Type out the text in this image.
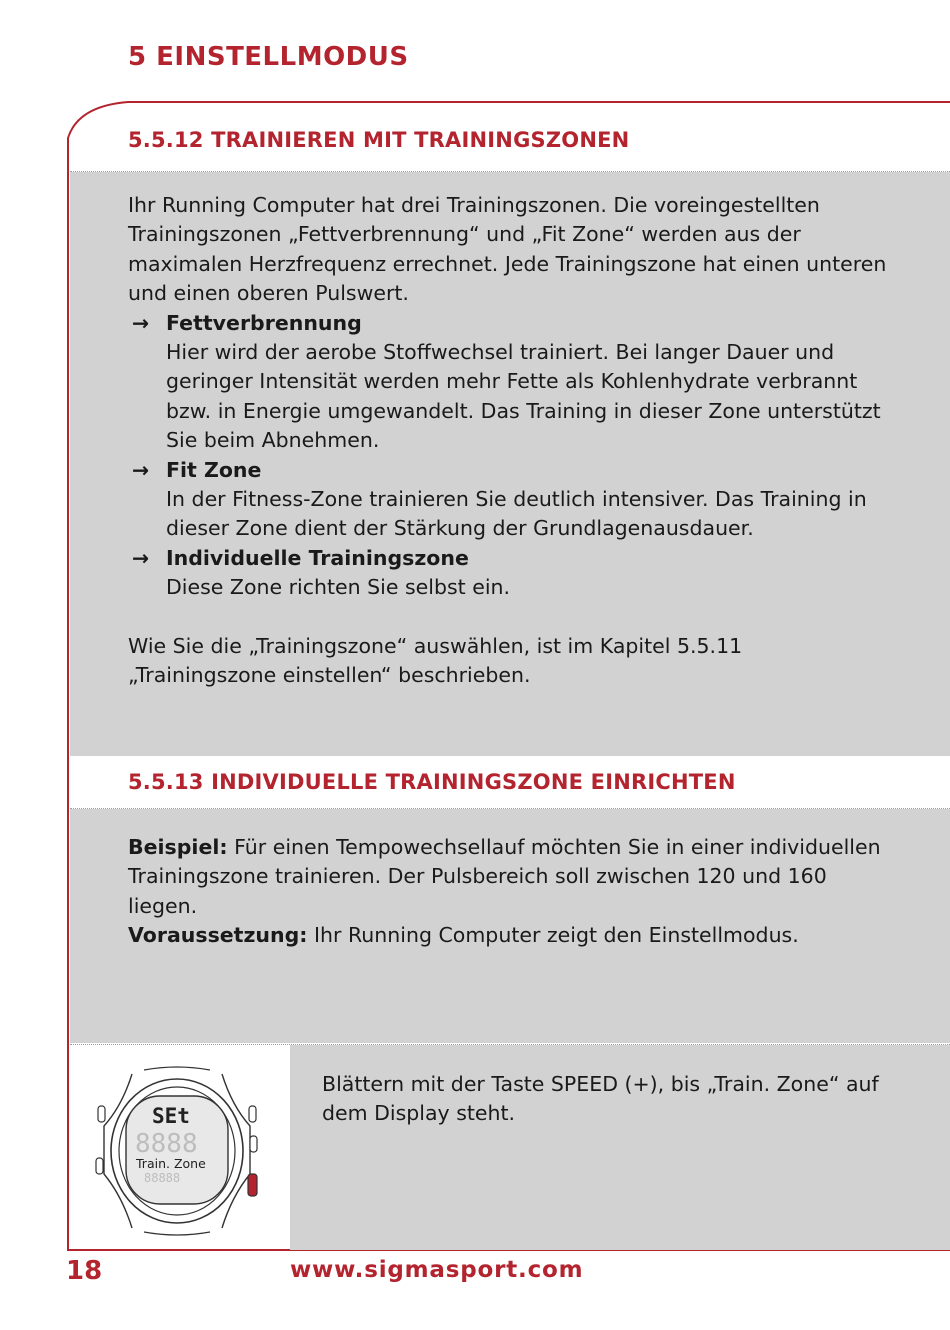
5 EINSTELLMODUS
5.5.12 TRAINIEREN MIT TRAININGSZONEN
5.5.13 INDIVIDUELLE TRAININGSZONE EINRICHTEN

Ihr Running Computer hat drei Trainingszonen. Die voreingestellten Trainingszonen „Fettverbrennung“ und „Fit Zone“ werden aus der maximalen Herzfrequenz errechnet. Jede Trainingszone hat einen unteren und einen oberen Pulswert.

→ Fettverbrennung
Hier wird der aerobe Stoffwechsel trainiert. Bei langer Dauer und geringer Intensität werden mehr Fette als Kohlenhydrate verbrannt bzw. in Energie umgewandelt. Das Training in dieser Zone unterstützt Sie beim Abnehmen.
→ Fit Zone
In der Fitness-Zone trainieren Sie deutlich intensiver. Das Training in dieser Zone dient der Stärkung der Grundlagenausdauer.
→ Individuelle Trainingszone
Diese Zone richten Sie selbst ein.

Wie Sie die „Trainingszone“ auswählen, ist im Kapitel 5.5.11 „Trainingszone einstellen“ beschrieben.

Beispiel: Für einen Tempowechsellauf möchten Sie in einer individuellen Trainingszone trainieren. Der Pulsbereich soll zwischen 120 und 160 liegen.

Voraussetzung: Ihr Running Computer zeigt den Einstellmodus.

SEt
8888
Train. Zone
88888
Blättern mit der Taste SPEED (+), bis „Train. Zone“ auf dem Display steht.
18	www.sigmasport.com
